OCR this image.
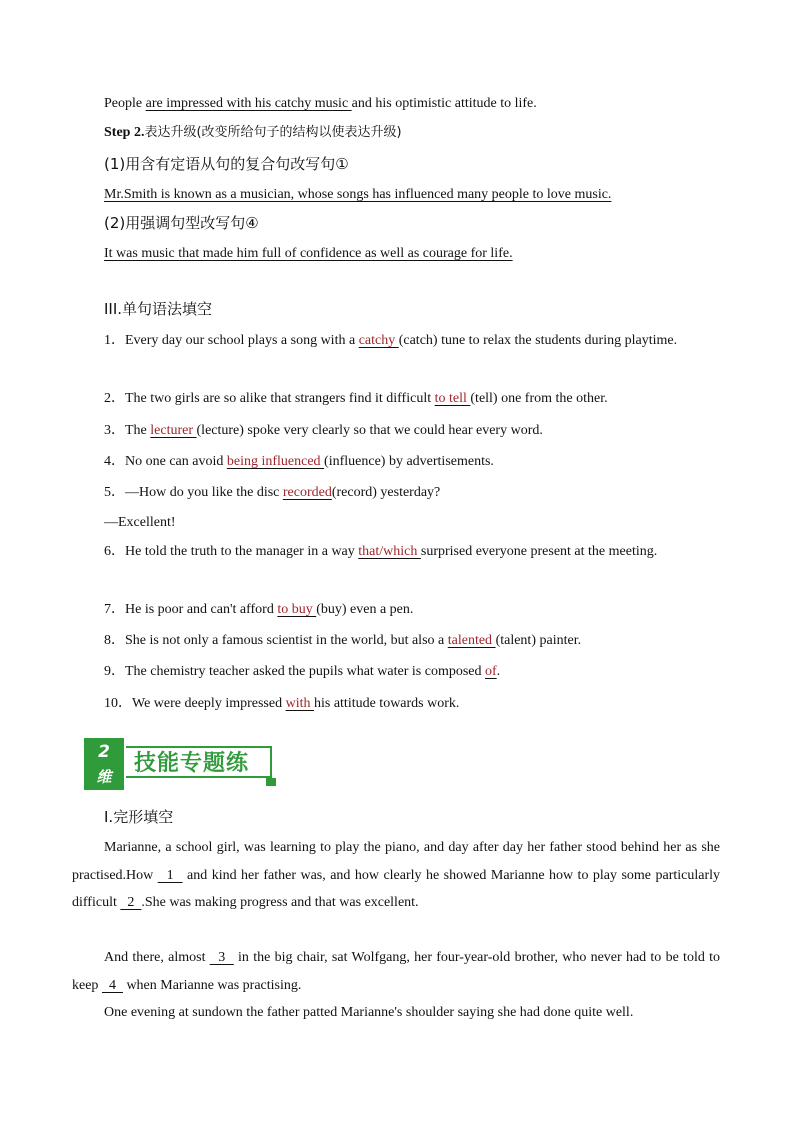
People are impressed with his catchy music and his optimistic attitude to life.
Step 2.表达升级(改变所给句子的结构以使表达升级)
(1)用含有定语从句的复合句改写句①
Mr.Smith is known as a musician, whose songs has influenced many people to love music.
(2)用强调句型改写句④
It was music that made him full of confidence as well as courage for life.
III.单句语法填空
1．Every day our school plays a song with a catchy (catch) tune to relax the students during playtime.
2．The two girls are so alike that strangers find it difficult to tell (tell) one from the other.
3．The lecturer (lecture) spoke very clearly so that we could hear every word.
4．No one can avoid being influenced (influence) by advertisements.
5．—How do you like the disc recorded(record) yesterday?
—Excellent!
6．He told the truth to the manager in a way that/which surprised everyone present at the meeting.
7．He is poor and can't afford to buy (buy) even a pen.
8．She is not only a famous scientist in the world, but also a talented (talent) painter.
9．The chemistry teacher asked the pupils what water is composed of.
10．We were deeply impressed with his attitude towards work.
2
维
技能专题练
I.完形填空
Marianne, a school girl, was learning to play the piano, and day after day her father stood behind her as she practised.How   1   and kind her father was, and how clearly he showed Marianne how to play some particularly difficult   2  .She was making progress and that was excellent.
And there, almost   3   in the big chair, sat Wolfgang, her four-year-old brother, who never had to be told to keep   4   when Marianne was practising.
One evening at sundown the father patted Marianne's shoulder saying she had done quite well.
